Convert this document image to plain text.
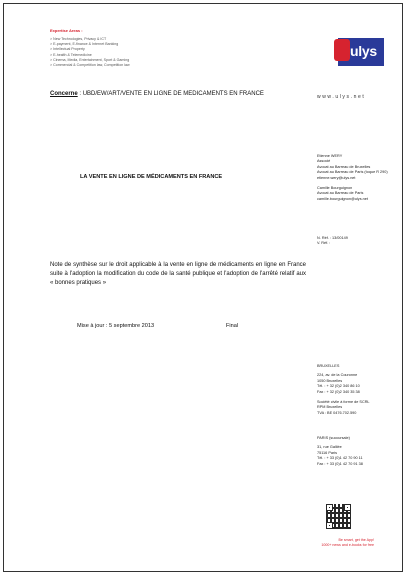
Expertise Areas :
> New Technologies, Privacy & ICT
> E-payment, E-finance & Internet Banking
> Intellectual Property
> E-health & Telemedicine
> Cinema, Media, Entertainment, Sport & Gaming
> Commercial & Competition law, Competition law
ulys
Concerne : UBD/EW/ART/VENTE EN LIGNE DE MEDICAMENTS EN FRANCE	www.ulys.net
Etienne WERY
Associé
Avocat au Barreau de Bruxelles
Avocat au Barreau de Paris (toque R 290)
etienne.wery@ulys.net
Camille Bourguignon
Avocat au Barreau de Paris
camille.bourguignon@ulys.net
N. Réf. : 13/00149
V. Réf. :
LA VENTE EN LIGNE DE MÉDICAMENTS EN FRANCE
Note de synthèse sur le droit applicable à la vente en ligne de médicaments en ligne en France suite à l'adoption la modification du code de la santé publique et l'adoption de l'arrêté relatif aux « bonnes pratiques »
Mise à jour : 5 septembre 2013	Final
BRUXELLES
224, av. de la Couronne
1050 Bruxelles
Tél. : + 32 (0)2 340 86 10
Fax : + 32 (0)2 340 35 38
Société civile à forme de SCRL
RPM Bruxelles
TVA : BE 0476.702.590
PARIS (succursale)
31, rue Galilée
75116 Paris
Tél. : + 33 (0)1 42 70 90 11
Fax : + 33 (0)1 42 70 91 38
Be smart, get the App!
1000+ news and e-books for free
